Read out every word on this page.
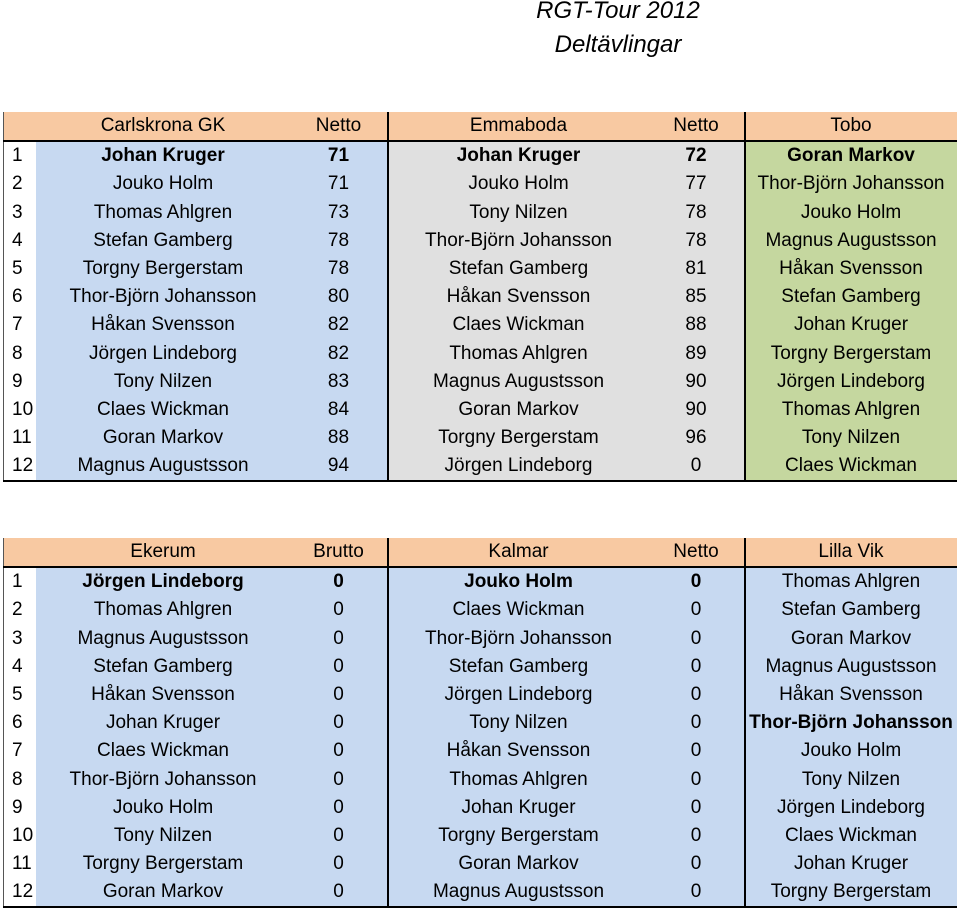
RGT-Tour 2012
Deltävlingar
	Carlskrona GK	Netto	Emmaboda	Netto	Tobo	
1	Johan Kruger	71	Johan Kruger	72	Goran Markov	
2	Jouko Holm	71	Jouko Holm	77	Thor-Björn Johansson	
3	Thomas Ahlgren	73	Tony Nilzen	78	Jouko Holm	
4	Stefan Gamberg	78	Thor-Björn Johansson	78	Magnus Augustsson	
5	Torgny Bergerstam	78	Stefan Gamberg	81	Håkan Svensson	
6	Thor-Björn Johansson	80	Håkan Svensson	85	Stefan Gamberg	
7	Håkan Svensson	82	Claes Wickman	88	Johan Kruger	
8	Jörgen Lindeborg	82	Thomas Ahlgren	89	Torgny Bergerstam	
9	Tony Nilzen	83	Magnus Augustsson	90	Jörgen Lindeborg	
10	Claes Wickman	84	Goran Markov	90	Thomas Ahlgren	
11	Goran Markov	88	Torgny Bergerstam	96	Tony Nilzen	
12	Magnus Augustsson	94	Jörgen Lindeborg	0	Claes Wickman	
	Ekerum	Brutto	Kalmar	Netto	Lilla Vik	
1	Jörgen Lindeborg	0	Jouko Holm	0	Thomas Ahlgren	
2	Thomas Ahlgren	0	Claes Wickman	0	Stefan Gamberg	
3	Magnus Augustsson	0	Thor-Björn Johansson	0	Goran Markov	
4	Stefan Gamberg	0	Stefan Gamberg	0	Magnus Augustsson	
5	Håkan Svensson	0	Jörgen Lindeborg	0	Håkan Svensson	
6	Johan Kruger	0	Tony Nilzen	0	Thor-Björn Johansson	
7	Claes Wickman	0	Håkan Svensson	0	Jouko Holm	
8	Thor-Björn Johansson	0	Thomas Ahlgren	0	Tony Nilzen	
9	Jouko Holm	0	Johan Kruger	0	Jörgen Lindeborg	
10	Tony Nilzen	0	Torgny Bergerstam	0	Claes Wickman	
11	Torgny Bergerstam	0	Goran Markov	0	Johan Kruger	
12	Goran Markov	0	Magnus Augustsson	0	Torgny Bergerstam	
